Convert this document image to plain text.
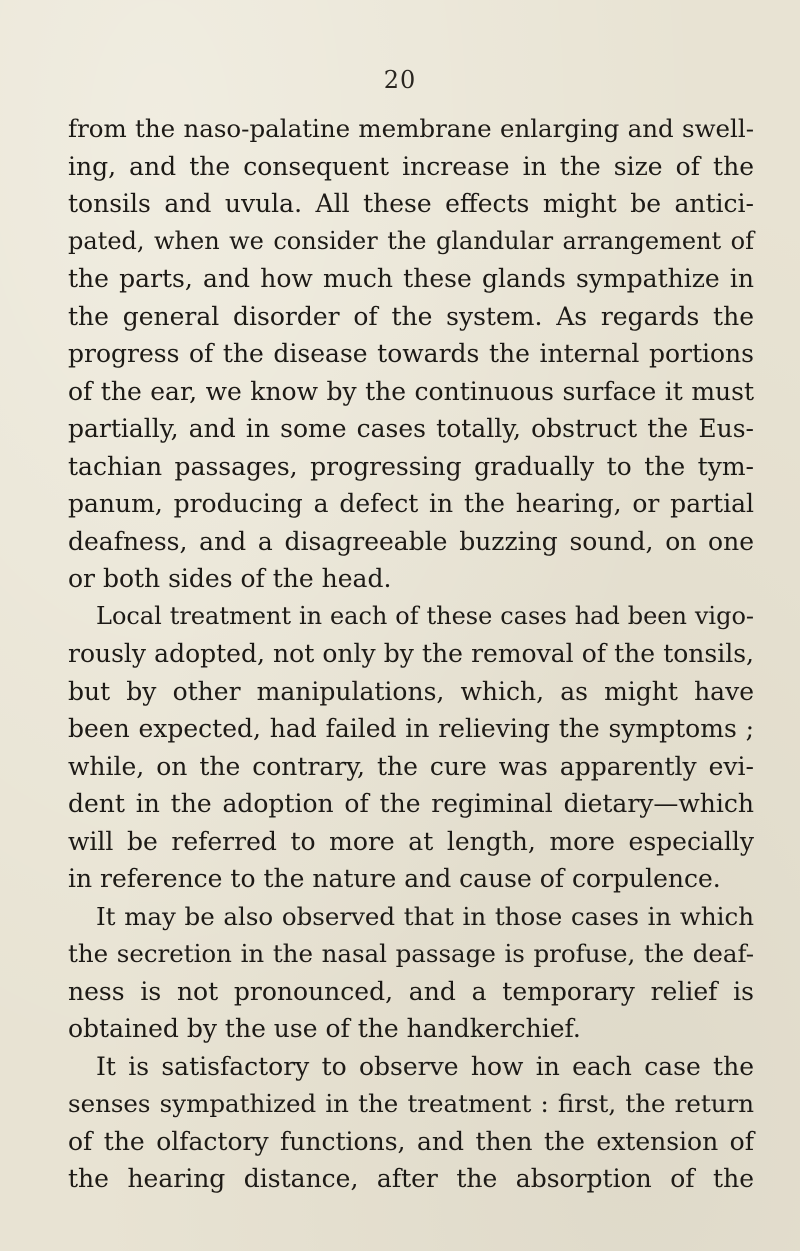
20
from the naso-palatine membrane enlarging and swell-
ing, and the consequent increase in the size of the
tonsils and uvula. All these effects might be antici-
pated, when we consider the glandular arrangement of
the parts, and how much these glands sympathize in
the general disorder of the system. As regards the
progress of the disease towards the internal portions
of the ear, we know by the continuous surface it must
partially, and in some cases totally, obstruct the Eus-
tachian passages, progressing gradually to the tym-
panum, producing a defect in the hearing, or partial
deafness, and a disagreeable buzzing sound, on one
or both sides of the head.
Local treatment in each of these cases had been vigo-
rously adopted, not only by the removal of the tonsils,
but by other manipulations, which, as might have
been expected, had failed in relieving the symptoms ;
while, on the contrary, the cure was apparently evi-
dent in the adoption of the regiminal dietary—which
will be referred to more at length, more especially
in reference to the nature and cause of corpulence.
It may be also observed that in those cases in which
the secretion in the nasal passage is profuse, the deaf-
ness is not pronounced, and a temporary relief is
obtained by the use of the handkerchief.
It is satisfactory to observe how in each case the
senses sympathized in the treatment : first, the return
of the olfactory functions, and then the extension of
the hearing distance, after the absorption of the
